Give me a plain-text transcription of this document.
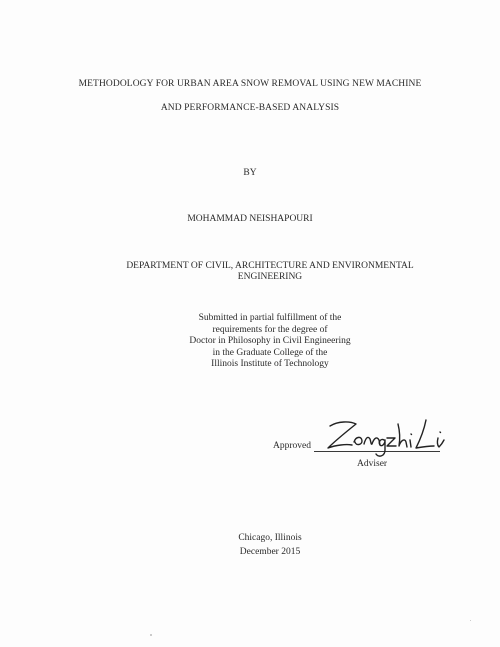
METHODOLOGY FOR URBAN AREA SNOW REMOVAL USING NEW MACHINE
AND PERFORMANCE-BASED ANALYSIS
BY
MOHAMMAD NEISHAPOURI
DEPARTMENT OF CIVIL, ARCHITECTURE AND ENVIRONMENTAL ENGINEERING
Submitted in partial fulfillment of the
requirements for the degree of
Doctor in Philosophy in Civil Engineering
in the Graduate College of the
Illinois Institute of Technology
Approved
Adviser
Chicago, Illinois
December 2015
